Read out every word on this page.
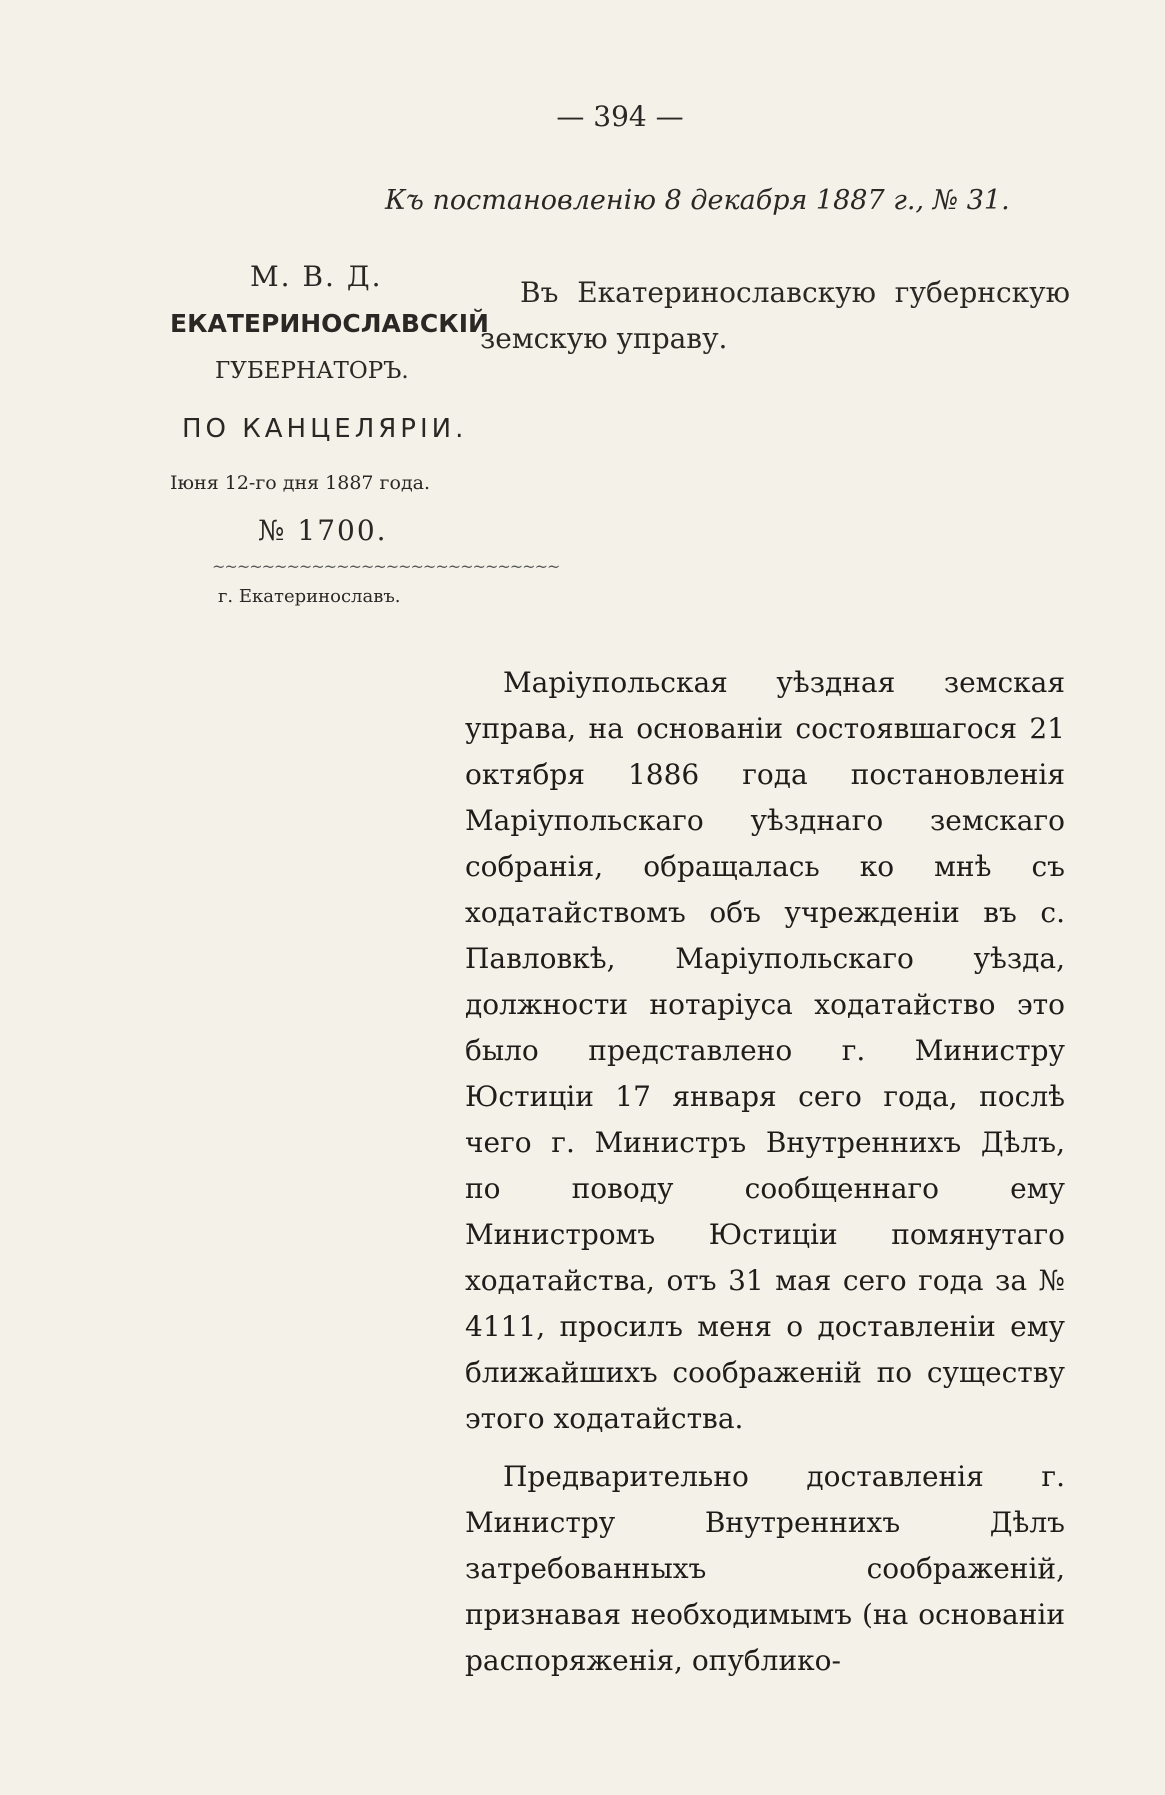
— 394 —
Къ постановленію 8 декабря 1887 г., № 31.
М. В. Д.
ЕКАТЕРИНОСЛАВСКІЙ
ГУБЕРНАТОРЪ.
ПО КАНЦЕЛЯРІИ.
Іюня 12-го дня 1887 года.
№ 1700.
~~~~~~~~~~~~~~~~~~~~~~~~~~~~
г. Екатеринославъ.
Въ Екатеринославскую губернскую
земскую управу.

Маріупольская уѣздная земская управа, на основаніи состоявшагося 21 октября 1886 года постановленія Маріупольскаго уѣзднаго земскаго собранія, обращалась ко мнѣ съ ходатайствомъ объ учрежденіи въ с. Павловкѣ, Маріупольскаго уѣзда, должности нотаріуса ходатайство это было представлено г. Министру Юстиціи 17 января сего года, послѣ чего г. Министръ Внутреннихъ Дѣлъ, по поводу сообщеннаго ему Министромъ Юстиціи помянутаго ходатайства, отъ 31 мая сего года за № 4111, просилъ меня о доставленіи ему ближайшихъ соображеній по существу этого ходатайства.

Предварительно доставленія г. Министру Внутреннихъ Дѣлъ затребованныхъ соображеній, признавая необходимымъ (на основаніи распоряженія, опублико-
